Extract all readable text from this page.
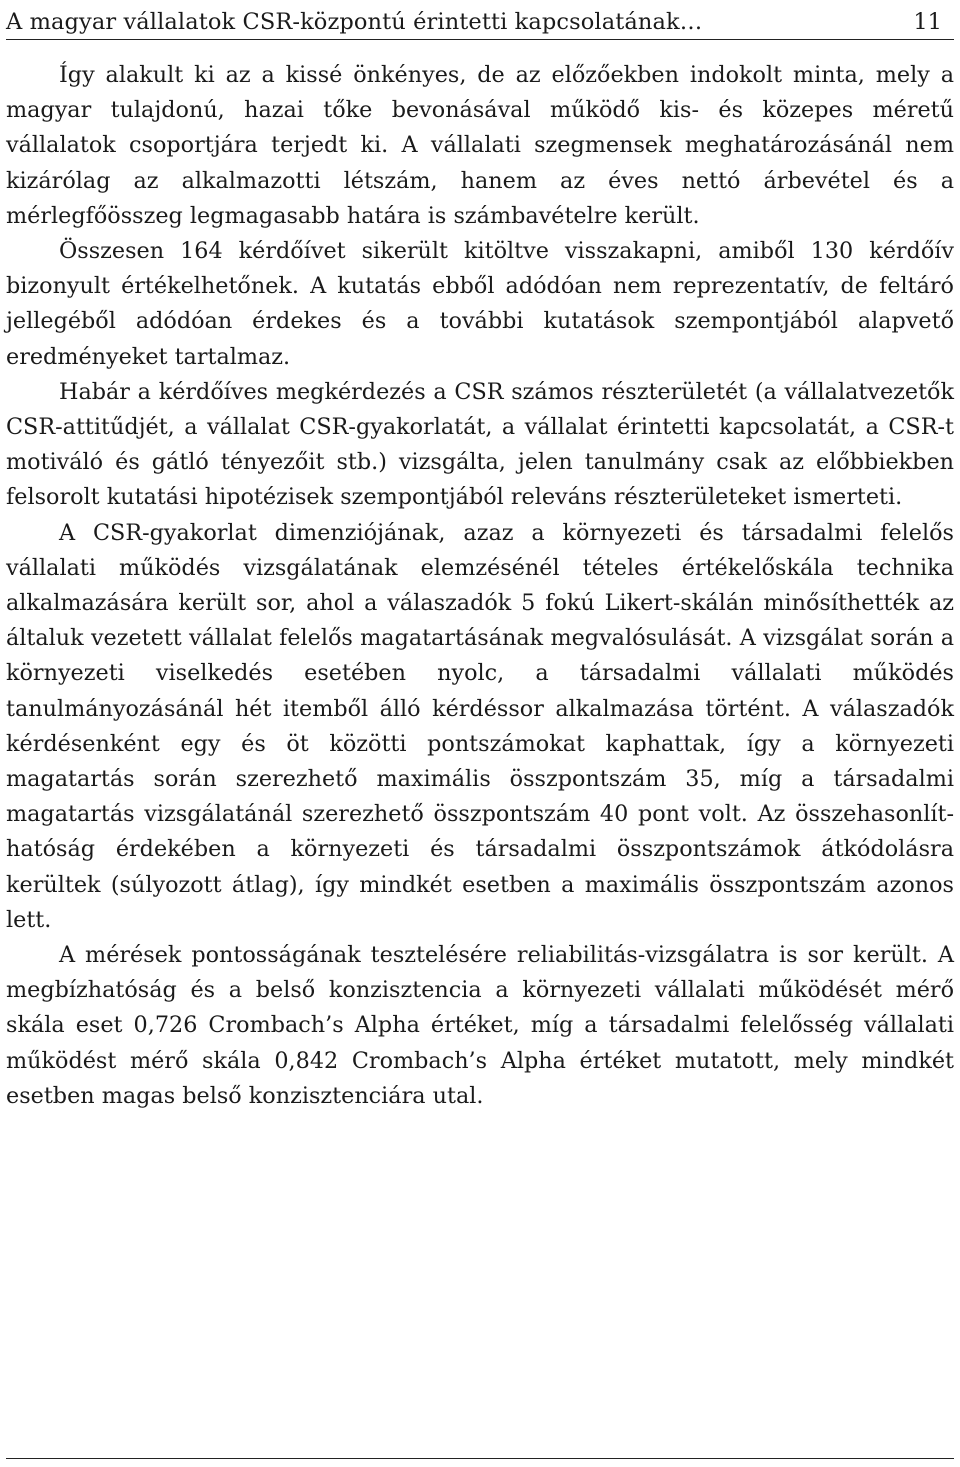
A magyar vállalatok CSR-központú érintetti kapcsolatának…	11

Így alakult ki az a kissé önkényes, de az előzőekben indokolt minta, mely a magyar tulajdonú, hazai tőke bevonásával működő kis- és közepes méretű vállalatok csoportjára terjedt ki. A vállalati szegmensek meghatározásánál nem kizárólag az alkalmazotti létszám, hanem az éves nettó árbevétel és a mérlegfőösszeg legmagasabb határa is számbavételre került.

Összesen 164 kérdőívet sikerült kitöltve visszakapni, amiből 130 kérdőív bizonyult értékelhetőnek. A kutatás ebből adódóan nem reprezentatív, de feltáró jellegéből adódóan érdekes és a további kutatások szempontjából alapvető eredményeket tartalmaz.

Habár a kérdőíves megkérdezés a CSR számos részterületét (a vállalatvezetők CSR-attitűdjét, a vállalat CSR-gyakorlatát, a vállalat érintetti kapcsolatát, a CSR-t motiváló és gátló tényezőit stb.) vizsgálta, jelen tanulmány csak az előbbiekben felsorolt kutatási hipotézisek szempontjából releváns részterületeket ismerteti.

A CSR-gyakorlat dimenziójának, azaz a környezeti és társadalmi felelős vállalati működés vizsgálatának elemzésénél tételes értékelőskála technika alkalmazására került sor, ahol a válaszadók 5 fokú Likert-skálán minősíthették az általuk vezetett vállalat felelős magatartásának megvalósulását. A vizsgálat során a környezeti viselkedés esetében nyolc, a társadalmi vállalati működés tanulmányozásánál hét itemből álló kérdéssor alkalmazása történt. A válaszadók kérdésenként egy és öt közötti pontszámokat kaphattak, így a környezeti magatartás során szerezhető maximális összpontszám 35, míg a társadalmi magatartás vizsgálatánál szerezhető összpontszám 40 pont volt. Az összehasonlíthatóság érdekében a környezeti és társadalmi összpontszámok átkódolásra kerültek (súlyozott átlag), így mindkét esetben a maximális összpontszám azonos lett.

A mérések pontosságának tesztelésére reliabilitás-vizsgálatra is sor került. A megbízhatóság és a belső konzisztencia a környezeti vállalati működését mérő skála eset 0,726 Crombach’s Alpha értéket, míg a társadalmi felelősség vállalati működést mérő skála 0,842 Crombach’s Alpha értéket mutatott, mely mindkét esetben magas belső konzisztenciára utal.
